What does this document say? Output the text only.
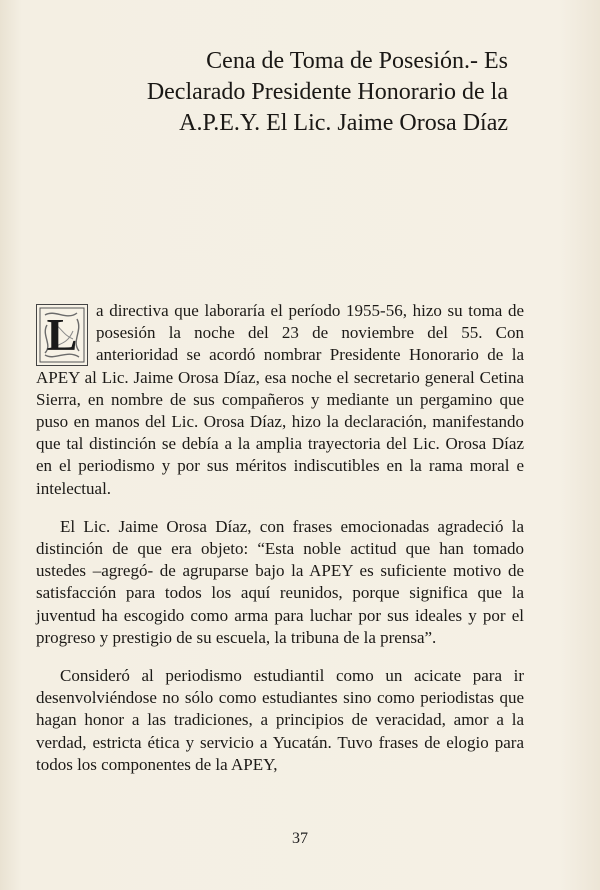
Cena de Toma de Posesión.- Es
Declarado Presidente Honorario de la
A.P.E.Y. El Lic. Jaime Orosa Díaz

L	a directiva que laboraría el período 1955-56, hizo su toma de posesión la noche del 23 de noviembre del 55. Con anterioridad se acordó nombrar Presidente Honorario de la APEY al Lic. Jaime Orosa Díaz, esa noche el secretario general Cetina Sierra, en nombre de sus compañeros y mediante un pergamino que puso en manos del Lic. Orosa Díaz, hizo la declaración, manifestando que tal distinción se debía a la amplia trayectoria del Lic. Orosa Díaz en el periodismo y por sus méritos indiscutibles en la rama moral e intelectual.

El Lic. Jaime Orosa Díaz, con frases emocionadas agradeció la distinción de que era objeto: “Esta noble actitud que han tomado ustedes –agregó- de agruparse bajo la APEY es suficiente motivo de satisfacción para todos los aquí reunidos, porque significa que la juventud ha escogido como arma para luchar por sus ideales y por el progreso y prestigio de su escuela, la tribuna de la prensa”.

Consideró al periodismo estudiantil como un acicate para ir desenvolviéndose no sólo como estudiantes sino como periodistas que hagan honor a las tradiciones, a principios de veracidad, amor a la verdad, estricta ética y servicio a Yucatán. Tuvo frases de elogio para todos los componentes de la APEY,

37
